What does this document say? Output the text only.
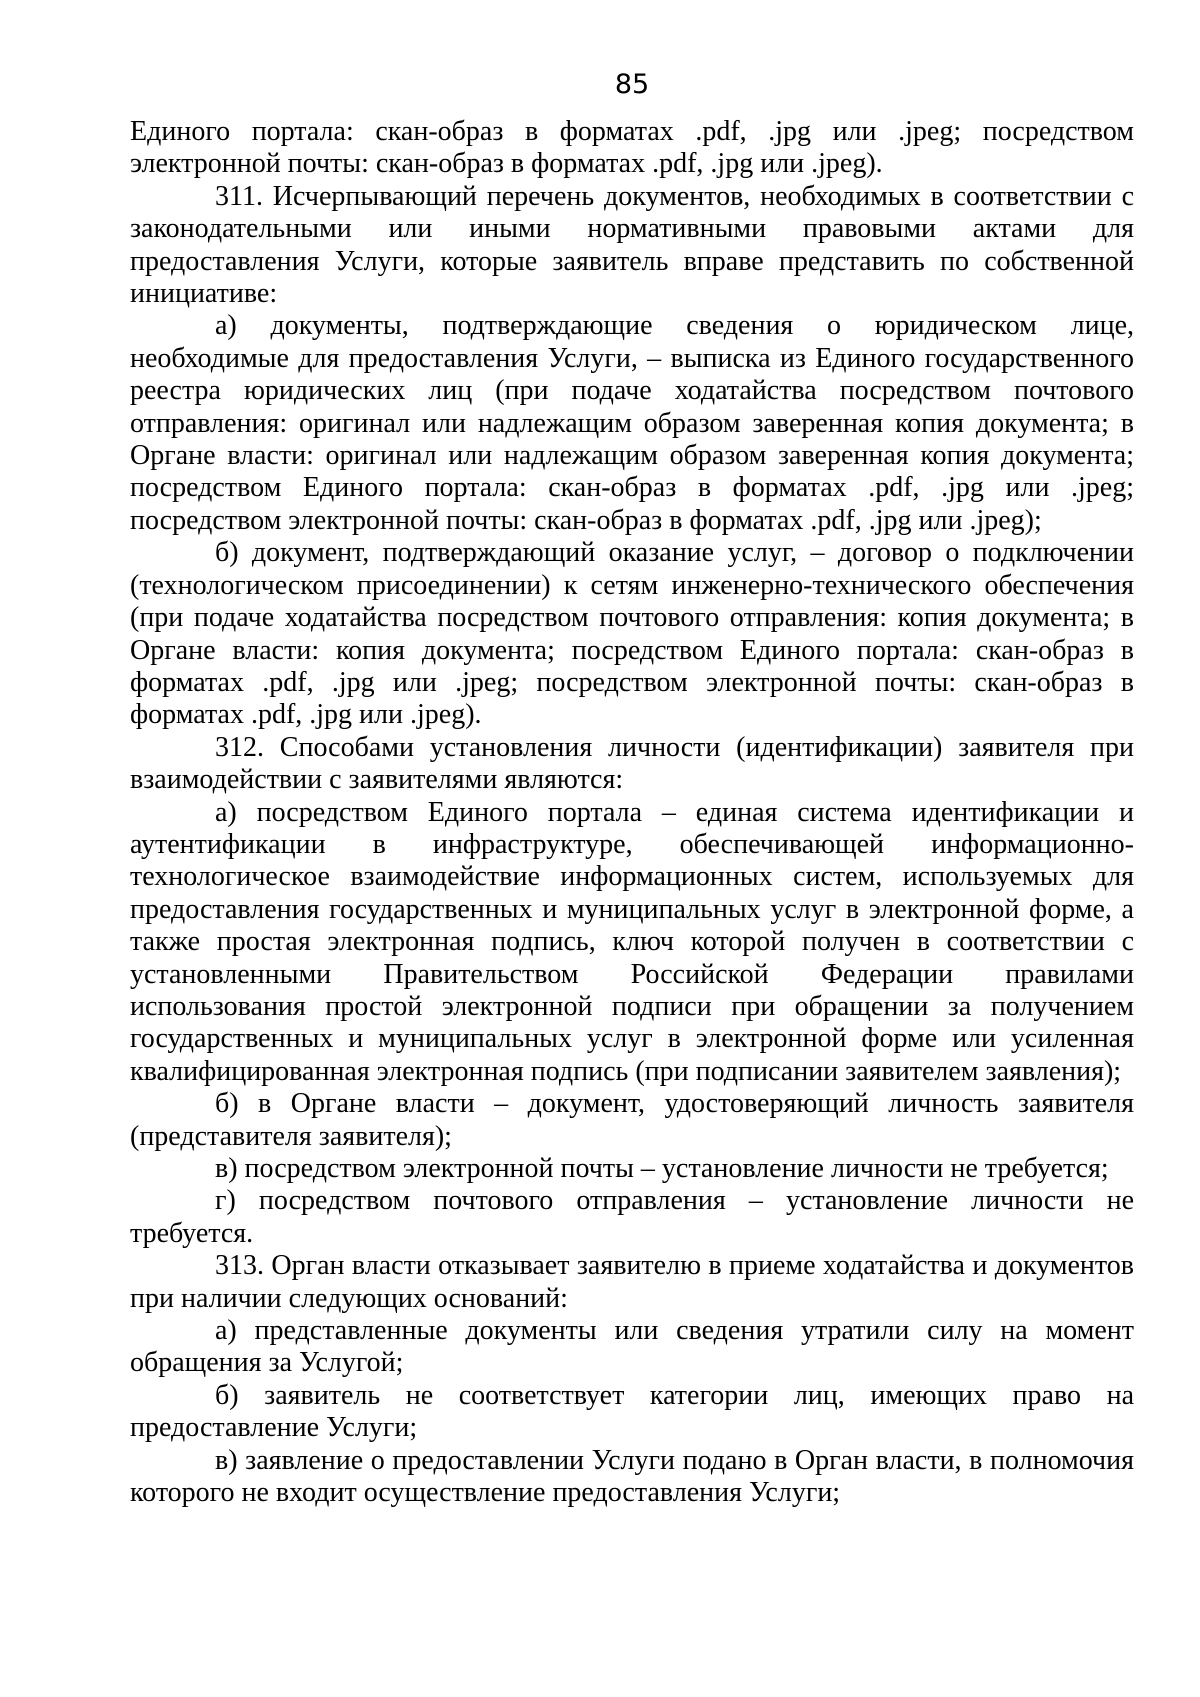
85

Единого портала: скан-образ в форматах .pdf, .jpg или .jpeg; посредством электронной почты: скан-образ в форматах .pdf, .jpg или .jpeg).

311. Исчерпывающий перечень документов, необходимых в соответствии с законодательными или иными нормативными правовыми актами для предоставления Услуги, которые заявитель вправе представить по собственной инициативе:

а) документы, подтверждающие сведения о юридическом лице, необходимые для предоставления Услуги, – выписка из Единого государственного реестра юридических лиц (при подаче ходатайства посредством почтового отправления: оригинал или надлежащим образом заверенная копия документа; в Органе власти: оригинал или надлежащим образом заверенная копия документа; посредством Единого портала: скан-образ в форматах .pdf, .jpg или .jpeg; посредством электронной почты: скан-образ в форматах .pdf, .jpg или .jpeg);

б) документ, подтверждающий оказание услуг, – договор о подключении (технологическом присоединении) к сетям инженерно-технического обеспечения (при подаче ходатайства посредством почтового отправления: копия документа; в Органе власти: копия документа; посредством Единого портала: скан-образ в форматах .pdf, .jpg или .jpeg; посредством электронной почты: скан-образ в форматах .pdf, .jpg или .jpeg).

312. Способами установления личности (идентификации) заявителя при взаимодействии с заявителями являются:

а) посредством Единого портала – единая система идентификации и аутентификации в инфраструктуре, обеспечивающей информационно-технологическое взаимодействие информационных систем, используемых для предоставления государственных и муниципальных услуг в электронной форме, а также простая электронная подпись, ключ которой получен в соответствии с установленными Правительством Российской Федерации правилами использования простой электронной подписи при обращении за получением государственных и муниципальных услуг в электронной форме или усиленная квалифицированная электронная подпись (при подписании заявителем заявления);

б) в Органе власти – документ, удостоверяющий личность заявителя (представителя заявителя);

в) посредством электронной почты – установление личности не требуется;

г) посредством почтового отправления – установление личности не требуется.

313. Орган власти отказывает заявителю в приеме ходатайства и документов при наличии следующих оснований:

а) представленные документы или сведения утратили силу на момент обращения за Услугой;

б) заявитель не соответствует категории лиц, имеющих право на предоставление Услуги;

в) заявление о предоставлении Услуги подано в Орган власти, в полномочия которого не входит осуществление предоставления Услуги;
